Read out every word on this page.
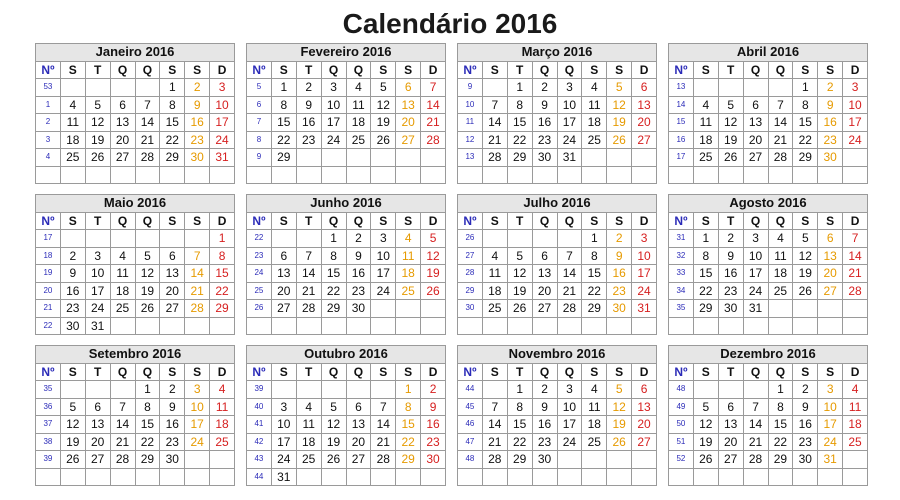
Calendário 2016
Janeiro 2016							
Nº	S	T	Q	Q	S	S	D
53					1	2	3
1	4	5	6	7	8	9	10
2	11	12	13	14	15	16	17
3	18	19	20	21	22	23	24
4	25	26	27	28	29	30	31

Fevereiro 2016							
Nº	S	T	Q	Q	S	S	D
5	1	2	3	4	5	6	7
6	8	9	10	11	12	13	14
7	15	16	17	18	19	20	21
8	22	23	24	25	26	27	28
9	29						

Março 2016							
Nº	S	T	Q	Q	S	S	D
9		1	2	3	4	5	6
10	7	8	9	10	11	12	13
11	14	15	16	17	18	19	20
12	21	22	23	24	25	26	27
13	28	29	30	31			

Abril 2016							
Nº	S	T	Q	Q	S	S	D
13					1	2	3
14	4	5	6	7	8	9	10
15	11	12	13	14	15	16	17
16	18	19	20	21	22	23	24
17	25	26	27	28	29	30	

Maio 2016							
Nº	S	T	Q	Q	S	S	D
17							1
18	2	3	4	5	6	7	8
19	9	10	11	12	13	14	15
20	16	17	18	19	20	21	22
21	23	24	25	26	27	28	29
22	30	31					
Junho 2016							
Nº	S	T	Q	Q	S	S	D
22			1	2	3	4	5
23	6	7	8	9	10	11	12
24	13	14	15	16	17	18	19
25	20	21	22	23	24	25	26
26	27	28	29	30			

Julho 2016							
Nº	S	T	Q	Q	S	S	D
26					1	2	3
27	4	5	6	7	8	9	10
28	11	12	13	14	15	16	17
29	18	19	20	21	22	23	24
30	25	26	27	28	29	30	31

Agosto 2016							
Nº	S	T	Q	Q	S	S	D
31	1	2	3	4	5	6	7
32	8	9	10	11	12	13	14
33	15	16	17	18	19	20	21
34	22	23	24	25	26	27	28
35	29	30	31				

Setembro 2016							
Nº	S	T	Q	Q	S	S	D
35				1	2	3	4
36	5	6	7	8	9	10	11
37	12	13	14	15	16	17	18
38	19	20	21	22	23	24	25
39	26	27	28	29	30		

Outubro 2016							
Nº	S	T	Q	Q	S	S	D
39						1	2
40	3	4	5	6	7	8	9
41	10	11	12	13	14	15	16
42	17	18	19	20	21	22	23
43	24	25	26	27	28	29	30
44	31						
Novembro 2016							
Nº	S	T	Q	Q	S	S	D
44		1	2	3	4	5	6
45	7	8	9	10	11	12	13
46	14	15	16	17	18	19	20
47	21	22	23	24	25	26	27
48	28	29	30				

Dezembro 2016							
Nº	S	T	Q	Q	S	S	D
48				1	2	3	4
49	5	6	7	8	9	10	11
50	12	13	14	15	16	17	18
51	19	20	21	22	23	24	25
52	26	27	28	29	30	31	
